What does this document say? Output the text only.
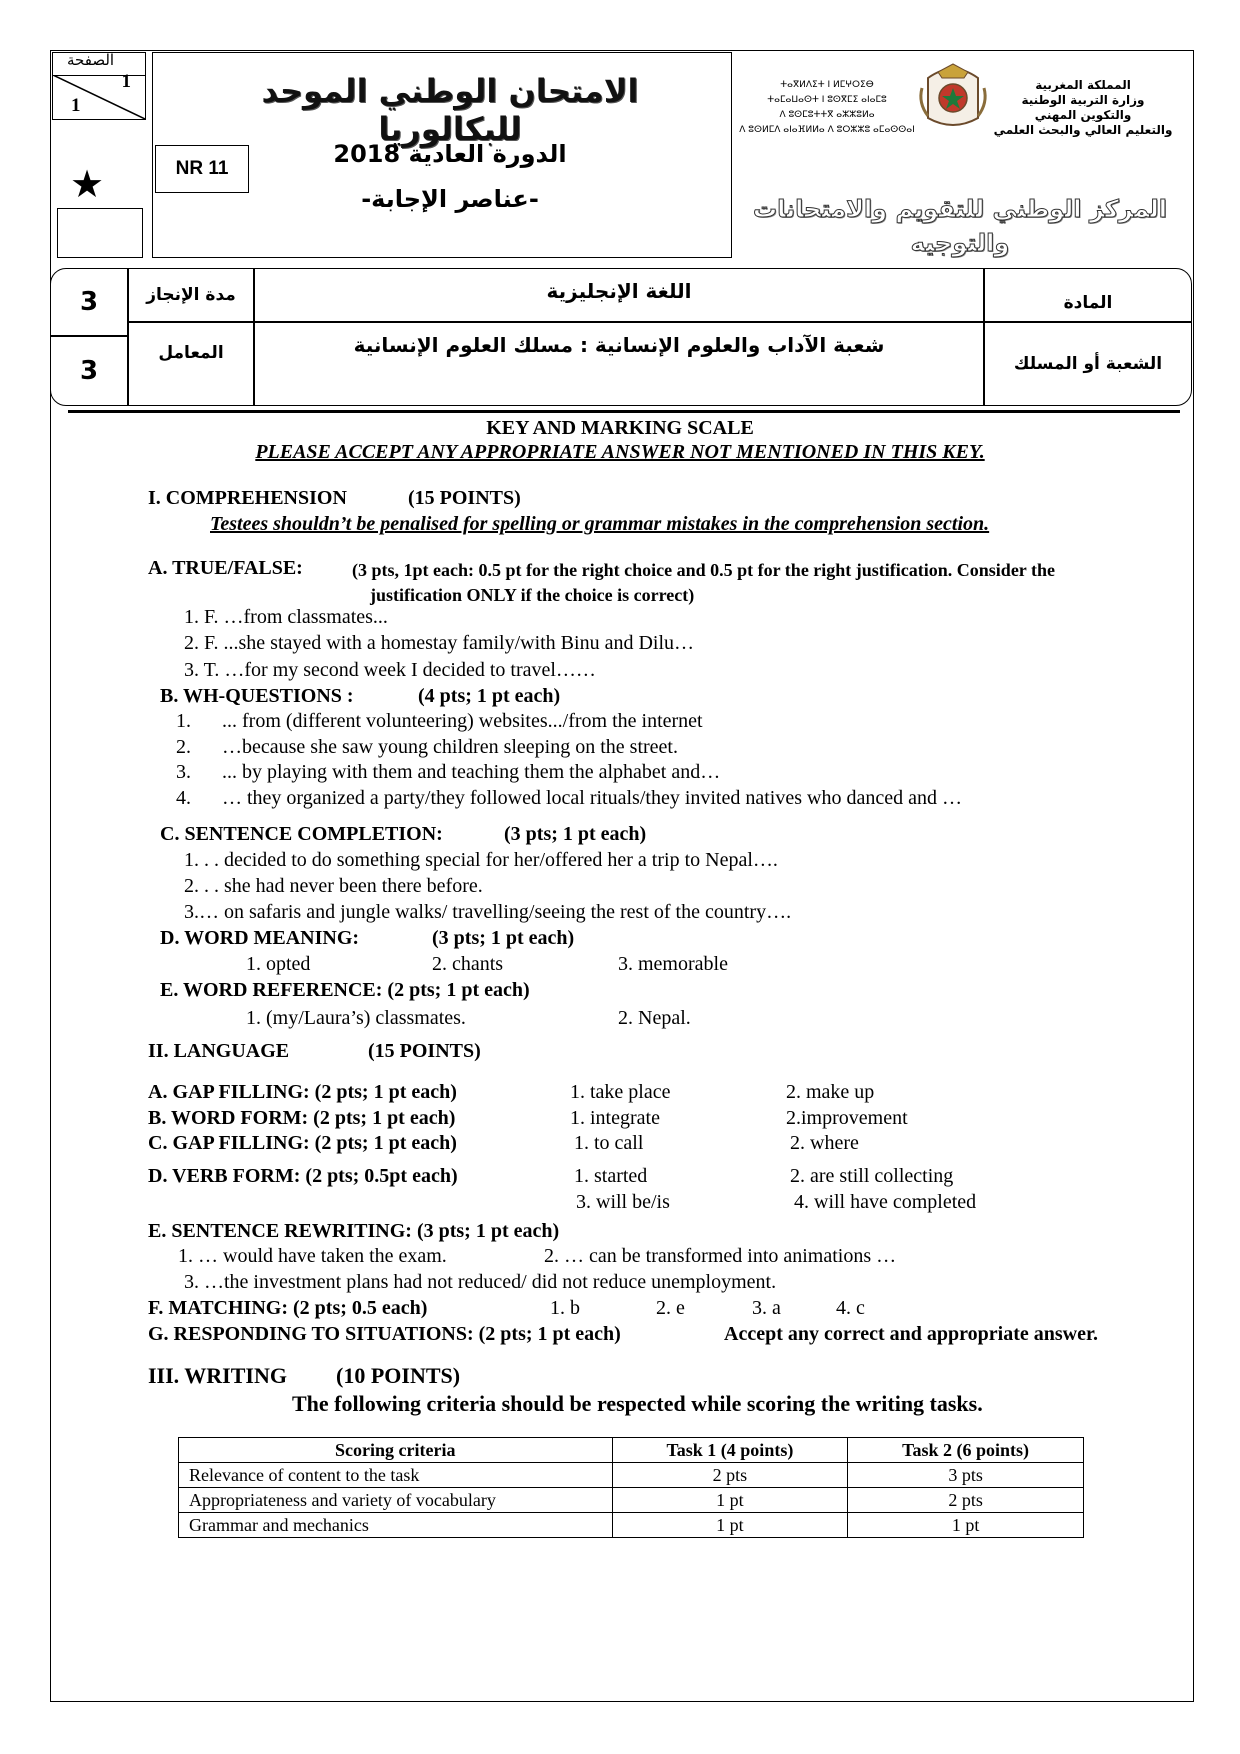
الصفحة
1
1
★
الامتحان الوطني الموحد للبكالوريا
NR 11
الدورة العادية 2018
-عناصر الإجابة-
ⵜⴰⴳⵍⴷⵉⵜ ⵏ ⵍⵎⵖⵔⵉⴱ
ⵜⴰⵎⴰⵡⴰⵙⵜ ⵏ ⵓⵙⴳⵎⵉ ⴰⵏⴰⵎⵓ
ⴷ ⵓⵙⵎⵓⵜⵜⴳ ⴰⵣⵣⵓⵍⴰ
ⴷ ⵓⵙⵍⵎⴷ ⴰⵏⴰⴼⵍⵍⴰ ⴷ ⵓⵔⵣⵣⵓ ⴰⵎⴰⵙⵙⴰⵏ
المملكة المغربية
وزارة التربية الوطنية
والتكوين المهني
والتعليم العالي والبحث العلمي
المركز الوطني للتقويم والامتحانات والتوجيه
3
3
مدة الإنجاز
المعامل
اللغة الإنجليزية
شعبة الآداب والعلوم الإنسانية : مسلك العلوم الإنسانية
المادة
الشعبة أو المسلك
KEY AND MARKING SCALE
PLEASE ACCEPT ANY APPROPRIATE ANSWER NOT MENTIONED IN THIS KEY.
I. COMPREHENSION	(15 POINTS)
Testees shouldn’t be penalised for spelling or grammar mistakes in the comprehension section.
A. TRUE/FALSE:	(3 pts, 1pt each: 0.5 pt for the right choice and 0.5 pt for the right justification. Consider the
justification ONLY if the choice is correct)
1. F. …from classmates...
2. F. ...she stayed with a homestay family/with Binu and Dilu…
3. T. …for my second week I decided to travel……
B. WH-QUESTIONS :	(4 pts; 1 pt each)
1. ... from (different volunteering) websites.../from the internet
2. …because she saw young children sleeping on the street.
3. ... by playing with them and teaching them the alphabet and…
4. … they organized a party/they followed local rituals/they invited natives who danced and …
C. SENTENCE COMPLETION:	(3 pts; 1 pt each)
1. . . decided to do something special for her/offered her a trip to Nepal….
2. . . she had never been there before.
3.… on safaris and jungle walks/ travelling/seeing the rest of the country….
D. WORD MEANING:	(3 pts; 1 pt each)
1. opted	2. chants	3. memorable
E. WORD REFERENCE: (2 pts; 1 pt each)
1. (my/Laura’s) classmates.	2. Nepal.
II. LANGUAGE	(15 POINTS)
A. GAP FILLING: (2 pts; 1 pt each)	1. take place	2. make up
B. WORD FORM: (2 pts; 1 pt each)	1. integrate	2.improvement
C. GAP FILLING: (2 pts; 1 pt each)	1. to call	2. where
D. VERB FORM: (2 pts; 0.5pt each)	1. started	2. are still collecting
3. will be/is	4. will have completed
E. SENTENCE REWRITING: (3 pts; 1 pt each)
1. … would have taken the exam.	2. … can be transformed into animations …
3. …the investment plans had not reduced/ did not reduce unemployment.
F. MATCHING: (2 pts; 0.5 each)	1. b	2. e	3. a	4. c
G. RESPONDING TO SITUATIONS: (2 pts; 1 pt each)	Accept any correct and appropriate answer.
III. WRITING (10 POINTS)
The following criteria should be respected while scoring the writing tasks.
Scoring criteria	Task 1 (4 points)	Task 2 (6 points)
Relevance of content to the task	2 pts	3 pts
Appropriateness and variety of vocabulary	1 pt	2 pts
Grammar and mechanics	1 pt	1 pt
